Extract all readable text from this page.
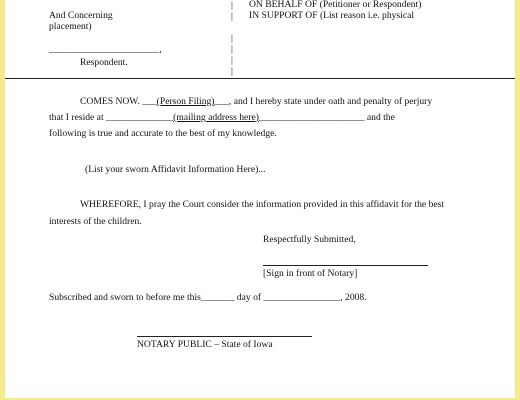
And Concerning
placement)
_______________________,
Respondent.
|
|
|
|
|
|
ON BEHALF OF (Petitioner or Respondent)
IN SUPPORT OF (List reason i.e. physical
COMES NOW. ___(Person Filing)___, and I hereby state under oath and penalty of perjury
that I reside at ______________(mailing address here)______________________ and the
following is true and accurate to the best of my knowledge.
(List your sworn Affidavit Information Here)...
WHEREFORE, I pray the Court consider the information provided in this affidavit for the best
interests of the children.
Respectfully Submitted,
[Sign in front of Notary]
Subscribed and sworn to before me this_______ day of ________________, 2008.
NOTARY PUBLIC – State of Iowa
